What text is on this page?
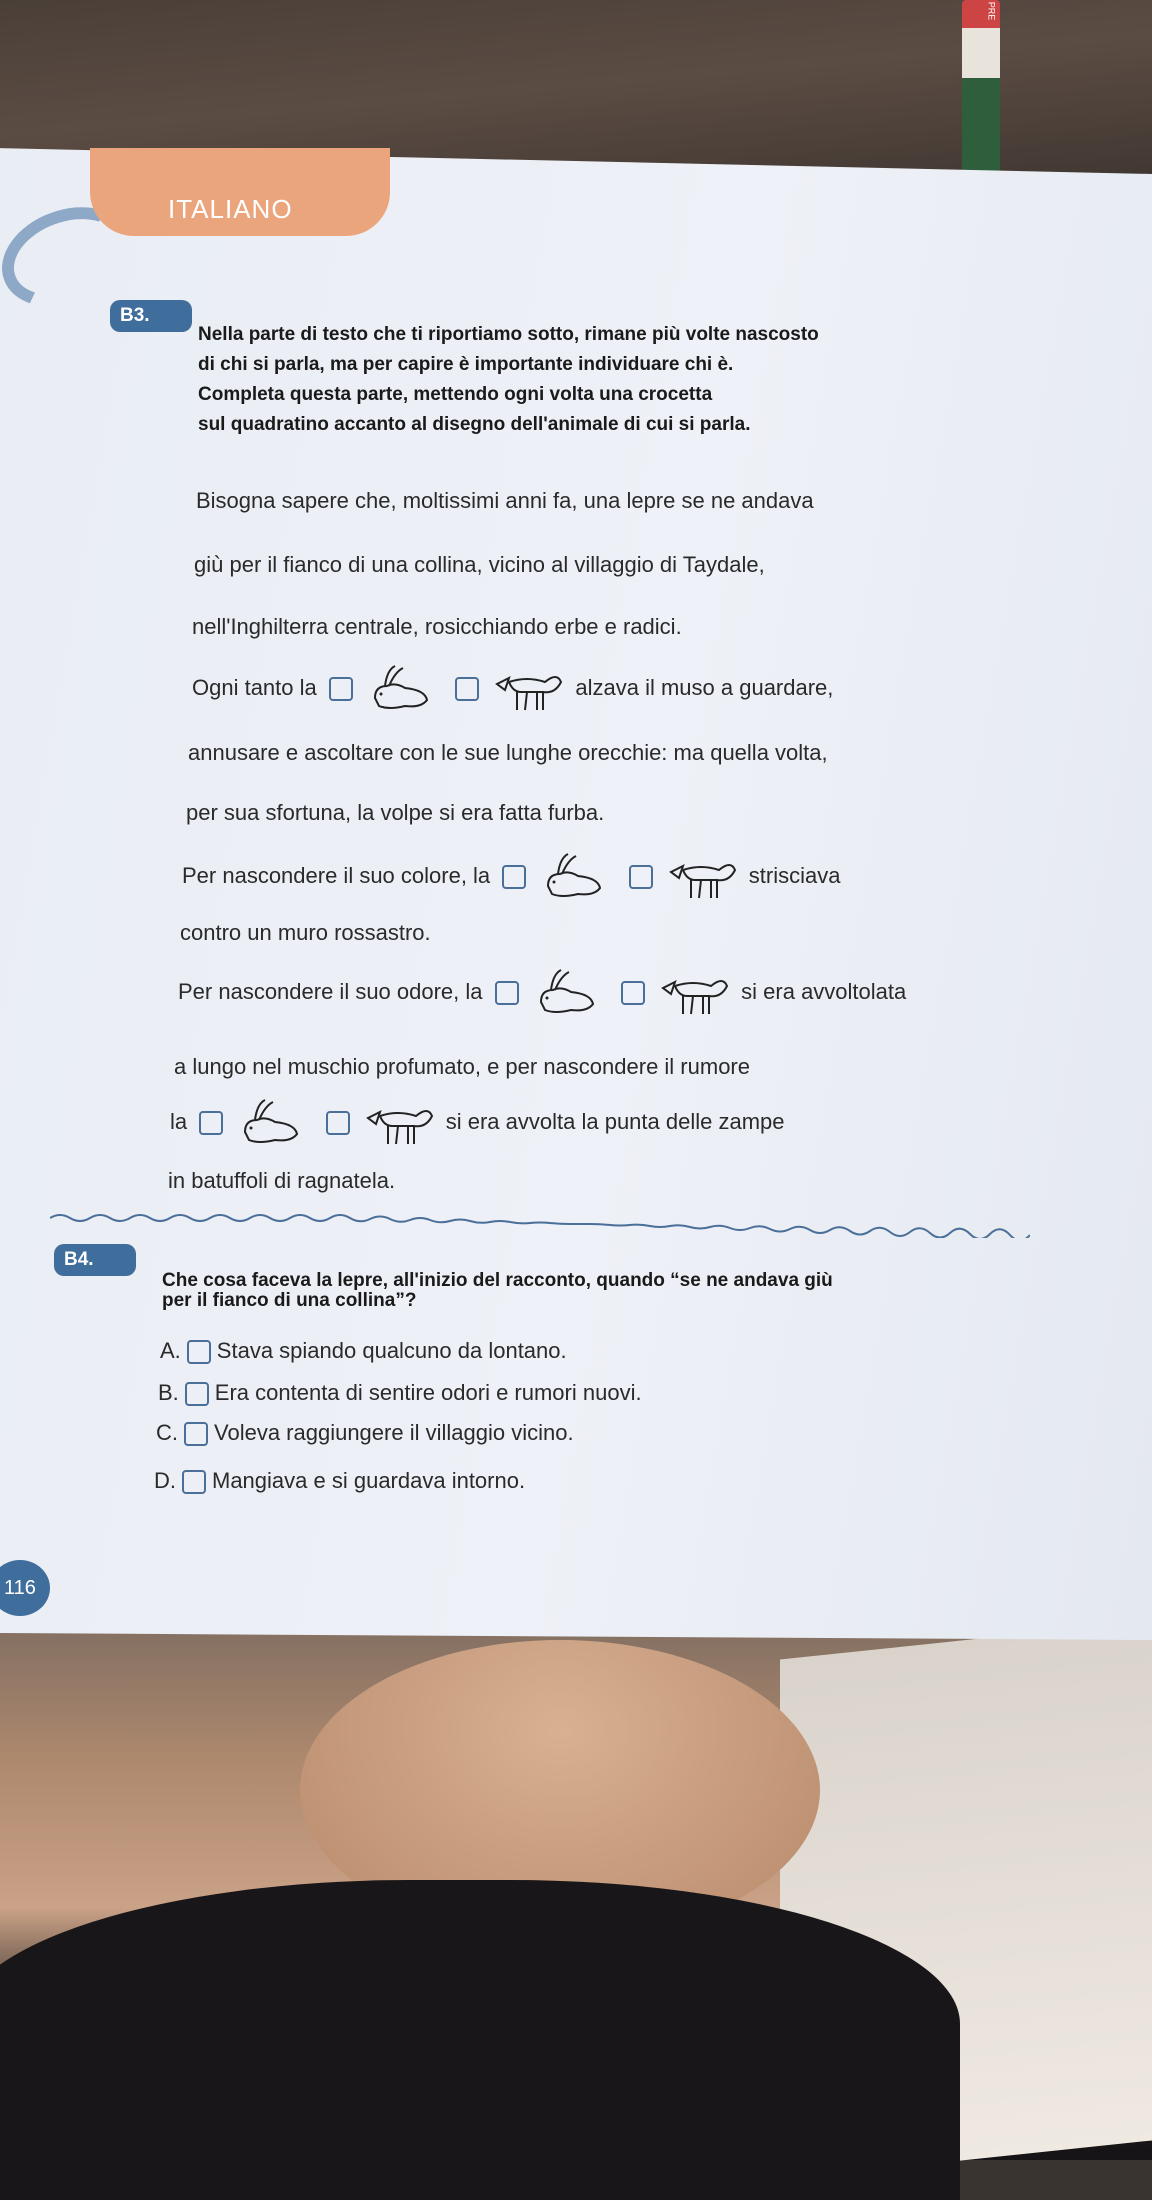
PRE
ITALIANO
B3.
Nella parte di testo che ti riportiamo sotto, rimane più volte nascosto
di chi si parla, ma per capire è importante individuare chi è.
Completa questa parte, mettendo ogni volta una crocetta
sul quadratino accanto al disegno dell'animale di cui si parla.
Bisogna sapere che, moltissimi anni fa, una lepre se ne andava
giù per il fianco di una collina, vicino al villaggio di Taydale,
nell'Inghilterra centrale, rosicchiando erbe e radici.
Ogni tanto la	alzava il muso a guardare,
annusare e ascoltare con le sue lunghe orecchie: ma quella volta,
per sua sfortuna, la volpe si era fatta furba.
Per nascondere il suo colore, la	strisciava
contro un muro rossastro.
Per nascondere il suo odore, la	si era avvoltolata
a lungo nel muschio profumato, e per nascondere il rumore
la	si era avvolta la punta delle zampe
in batuffoli di ragnatela.
B4.
Che cosa faceva la lepre, all'inizio del racconto, quando “se ne andava giù
per il fianco di una collina”?
A. Stava spiando qualcuno da lontano.
B. Era contenta di sentire odori e rumori nuovi.
C. Voleva raggiungere il villaggio vicino.
D. Mangiava e si guardava intorno.
116
